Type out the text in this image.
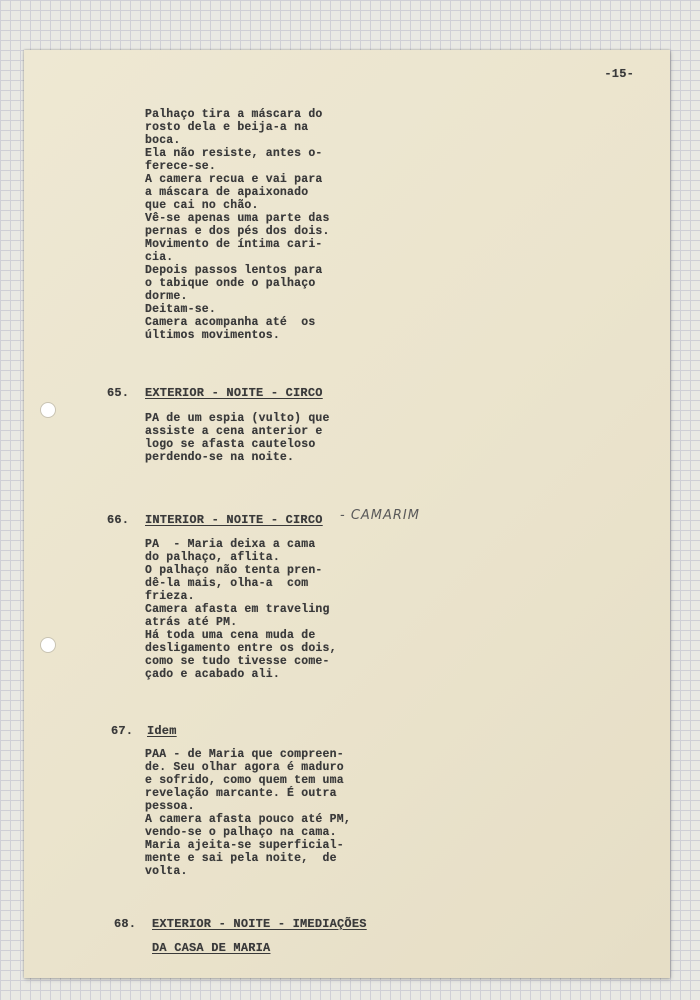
-15-
Palhaço tira a máscara do
rosto dela e beija-a na
boca.
Ela não resiste, antes o-
ferece-se.
A camera recua e vai para
a máscara de apaixonado
que cai no chão.
Vê-se apenas uma parte das
pernas e dos pés dos dois.
Movimento de íntima cari-
cia.
Depois passos lentos para
o tabique onde o palhaço
dorme.
Deitam-se.
Camera acompanha até  os
últimos movimentos.
65. EXTERIOR - NOITE - CIRCO
PA de um espia (vulto) que
assiste a cena anterior e
logo se afasta cauteloso
perdendo-se na noite.
66. INTERIOR - NOITE - CIRCO - CAMARIM
PA  - Maria deixa a cama
do palhaço, aflita.
O palhaço não tenta pren-
dê-la mais, olha-a  com
frieza.
Camera afasta em traveling
atrás até PM.
Há toda uma cena muda de
desligamento entre os dois,
como se tudo tivesse come-
çado e acabado ali.
67. Idem
PAA - de Maria que compreen-
de. Seu olhar agora é maduro
e sofrido, como quem tem uma
revelação marcante. É outra
pessoa.
A camera afasta pouco até PM,
vendo-se o palhaço na cama.
Maria ajeita-se superficial-
mente e sai pela noite,  de
volta.
68. EXTERIOR - NOITE - IMEDIAÇÕES
DA CASA DE MARIA
